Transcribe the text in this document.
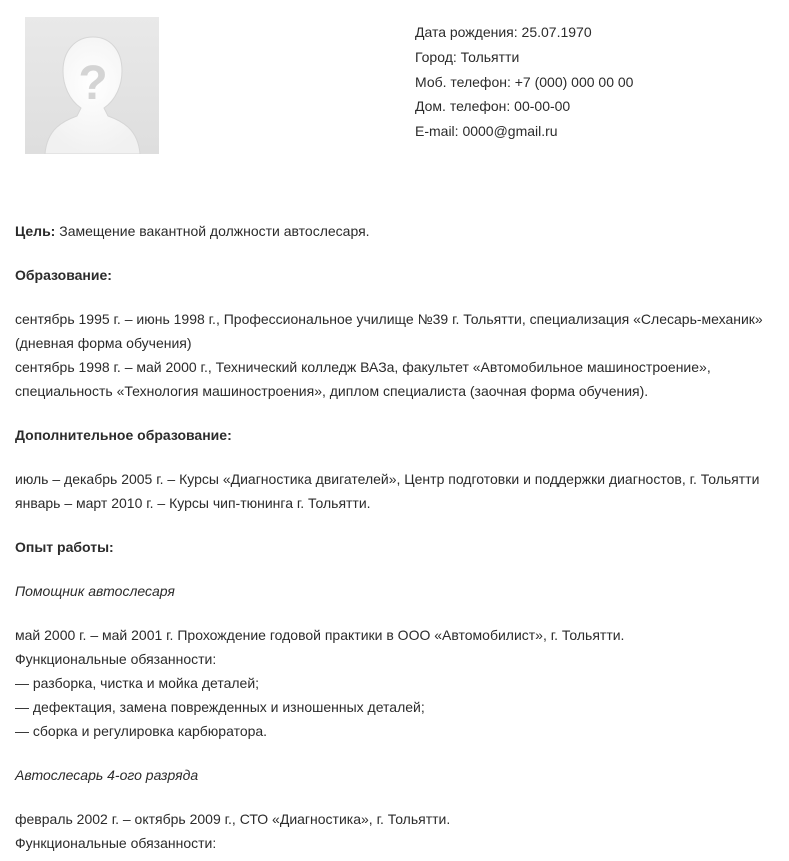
?
Дата рождения: 25.07.1970
Город: Тольятти
Моб. телефон: +7 (000) 000 00 00
Дом. телефон: 00-00-00
E-mail: 0000@gmail.ru
Цель: Замещение вакантной должности автослесаря.
Образование:
сентябрь 1995 г. – июнь 1998 г., Профессиональное училище №39 г. Тольятти, специализация «Слесарь-механик»
(дневная форма обучения)
сентябрь 1998 г. – май 2000 г., Технический колледж ВАЗа, факультет «Автомобильное машиностроение»,
специальность «Технология машиностроения», диплом специалиста (заочная форма обучения).
Дополнительное образование:
июль – декабрь 2005 г. – Курсы «Диагностика двигателей», Центр подготовки и поддержки диагностов, г. Тольятти
январь – март 2010 г. – Курсы чип-тюнинга г. Тольятти.
Опыт работы:
Помощник автослесаря
май 2000 г. – май 2001 г. Прохождение годовой практики в ООО «Автомобилист», г. Тольятти.
Функциональные обязанности:
— разборка, чистка и мойка деталей;
— дефектация, замена поврежденных и изношенных деталей;
— сборка и регулировка карбюратора.
Автослесарь 4-ого разряда
февраль 2002 г. – октябрь 2009 г., СТО «Диагностика», г. Тольятти.
Функциональные обязанности:
